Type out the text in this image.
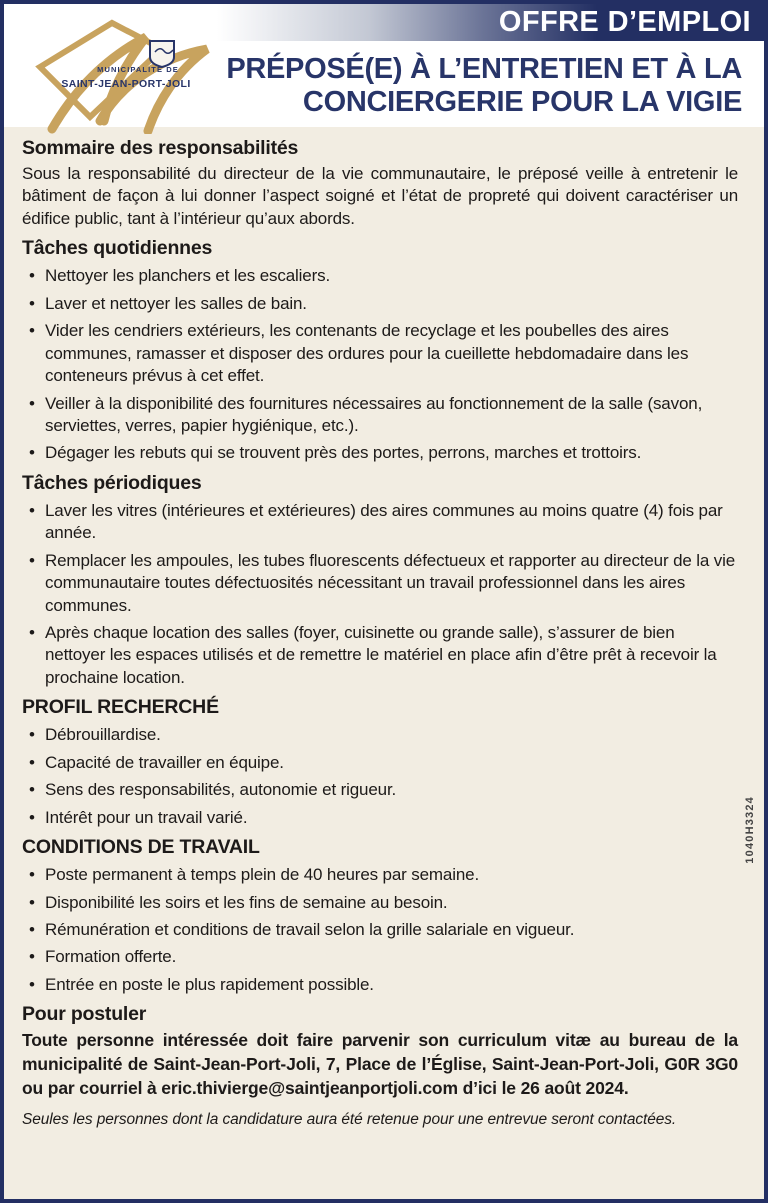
OFFRE D’EMPLOI
MUNICIPALITÉ DE
SAINT-JEAN-PORT-JOLI PRÉPOSÉ(E) À L’ENTRETIEN ET À LA
CONCIERGERIE POUR LA VIGIE
Sommaire des responsabilités

Sous la responsabilité du directeur de la vie communautaire, le préposé veille à entretenir le bâtiment de façon à lui donner l’aspect soigné et l’état de propreté qui doivent caractériser un édifice public, tant à l’intérieur qu’aux abords.

Tâches quotidiennes
• Nettoyer les planchers et les escaliers.
• Laver et nettoyer les salles de bain.
• Vider les cendriers extérieurs, les contenants de recyclage et les poubelles des aires communes, ramasser et disposer des ordures pour la cueillette hebdomadaire dans les conteneurs prévus à cet effet.
• Veiller à la disponibilité des fournitures nécessaires au fonctionnement de la salle (savon, serviettes, verres, papier hygiénique, etc.).
• Dégager les rebuts qui se trouvent près des portes, perrons, marches et trottoirs.
Tâches périodiques
• Laver les vitres (intérieures et extérieures) des aires communes au moins quatre (4) fois par année.
• Remplacer les ampoules, les tubes fluorescents défectueux et rapporter au directeur de la vie communautaire toutes défectuosités nécessitant un travail professionnel dans les aires communes.
• Après chaque location des salles (foyer, cuisinette ou grande salle), s’assurer de bien nettoyer les espaces utilisés et de remettre le matériel en place afin d’être prêt à recevoir la prochaine location.
PROFIL RECHERCHÉ
• Débrouillardise.
• Capacité de travailler en équipe.
• Sens des responsabilités, autonomie et rigueur.
• Intérêt pour un travail varié.
CONDITIONS DE TRAVAIL
• Poste permanent à temps plein de 40 heures par semaine.
• Disponibilité les soirs et les fins de semaine au besoin.
• Rémunération et conditions de travail selon la grille salariale en vigueur.
• Formation offerte.
• Entrée en poste le plus rapidement possible.
Pour postuler

Toute personne intéressée doit faire parvenir son curriculum vitæ au bureau de la municipalité de Saint-Jean-Port-Joli, 7, Place de l’Église, Saint-Jean-Port-Joli, G0R 3G0 ou par courriel à eric.thivierge@saintjeanportjoli.com d’ici le 26 août 2024.

Seules les personnes dont la candidature aura été retenue pour une entrevue seront contactées.
1040H3324
